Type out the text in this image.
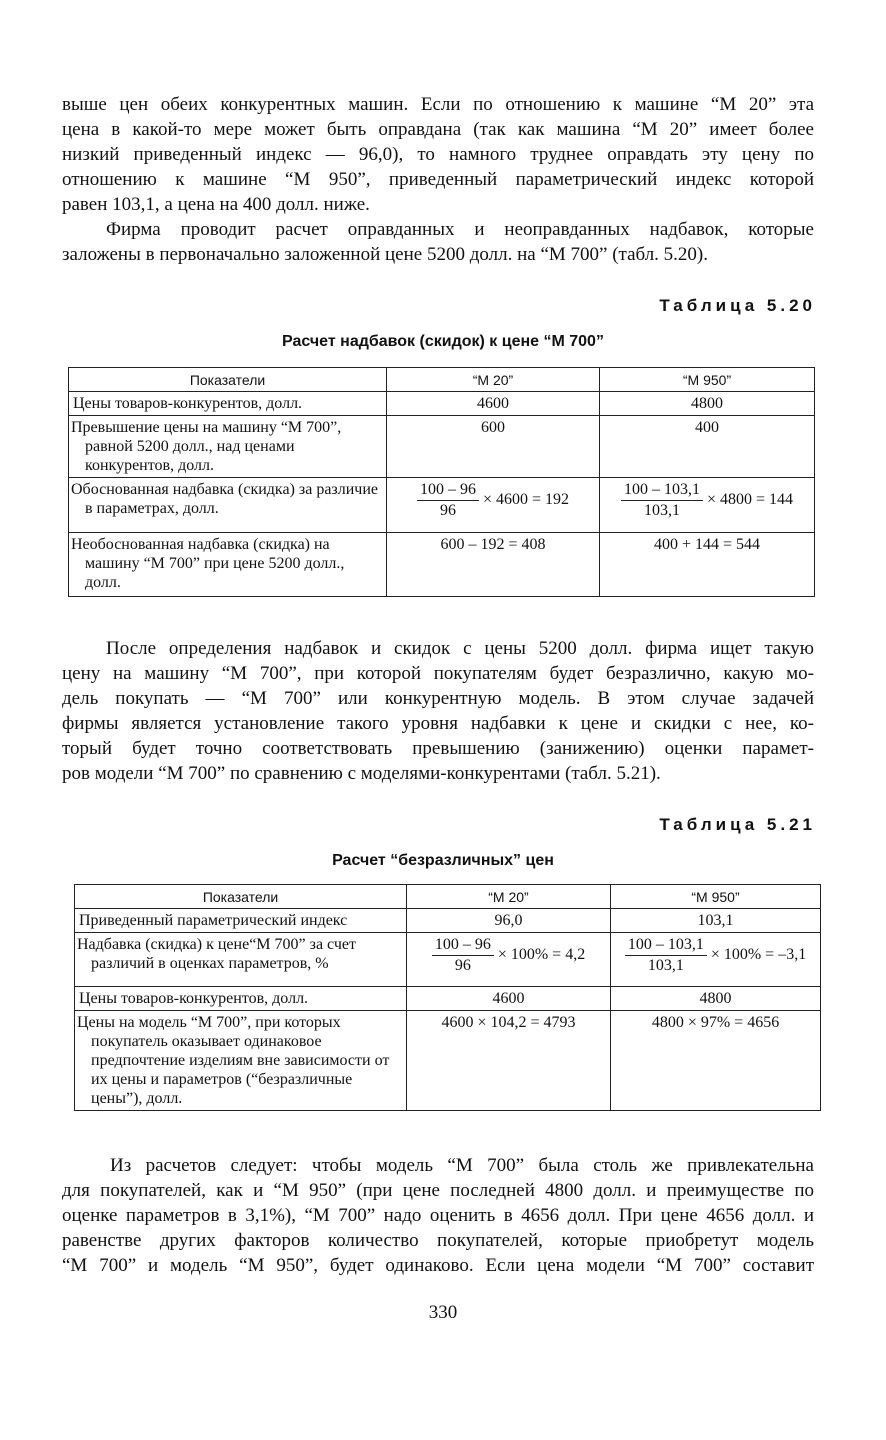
выше цен обеих конкурентных машин. Если по отношению к машине “М 20” эта
цена в какой-то мере может быть оправдана (так как машина “М 20” имеет более
низкий приведенный индекс — 96,0), то намного труднее оправдать эту цену по
отношению к машине “М 950”, приведенный параметрический индекс которой
равен 103,1, а цена на 400 долл. ниже.

Фирма проводит расчет оправданных и неоправданных надбавок, которые
заложены в первоначально заложенной цене 5200 долл. на “М 700” (табл. 5.20).

Таблица 5.20
Расчет надбавок (скидок) к цене “М 700”
Показатели	“М 20”	“М 950”
Цены товаров-конкурентов, долл.	4600	4800
Превышение цены на машину “М 700”, равной 5200 долл., над ценами конкурентов, долл.	600	400
Обоснованная надбавка (скидка) за различие в параметрах, долл.	$\frac{100 - 96}{96} \times 4600 = 192$	$\frac{100 - 103,1}{103,1} \times 4800 = 144$
Необоснованная надбавка (скидка) на машину “М 700” при цене 5200 долл., долл.	600 – 192 = 408	400 + 144 = 544

После определения надбавок и скидок с цены 5200 долл. фирма ищет такую
цену на машину “М 700”, при которой покупателям будет безразлично, какую мо-
дель покупать — “М 700” или конкурентную модель. В этом случае задачей
фирмы является установление такого уровня надбавки к цене и скидки с нее, ко-
торый будет точно соответствовать превышению (занижению) оценки парамет-
ров модели “М 700” по сравнению с моделями-конкурентами (табл. 5.21).

Таблица 5.21
Расчет “безразличных” цен
Показатели	“М 20”	“М 950”
Приведенный параметрический индекс	96,0	103,1
Надбавка (скидка) к цене“М 700” за счет различий в оценках параметров, %	$\frac{100 - 96}{96} \times 100\% = 4,2$	$\frac{100 - 103,1}{103,1} \times 100\% = -3,1$
Цены товаров-конкурентов, долл.	4600	4800
Цены на модель “М 700”, при которых покупатель оказывает одинаковое предпочтение изделиям вне зависимости от их цены и параметров (“безразличные цены”), долл.	4600 × 104,2 = 4793	4800 × 97% = 4656

Из расчетов следует: чтобы модель “М 700” была столь же привлекательна
для покупателей, как и “М 950” (при цене последней 4800 долл. и преимуществе по
оценке параметров в 3,1%), “М 700” надо оценить в 4656 долл. При цене 4656 долл. и
равенстве других факторов количество покупателей, которые приобретут модель
“М 700” и модель “М 950”, будет одинаково. Если цена модели “М 700” составит

330
